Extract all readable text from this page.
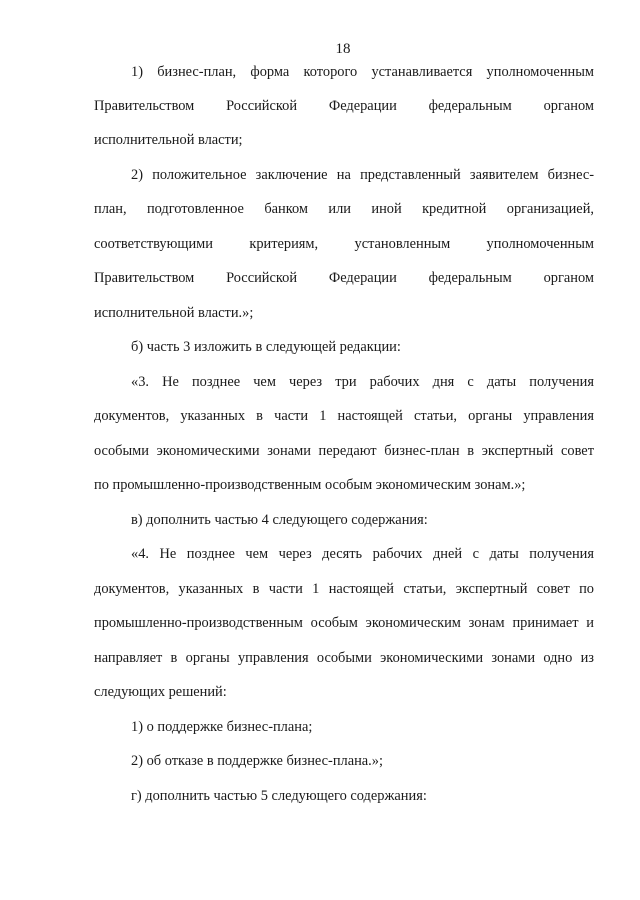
18
1) бизнес-план, форма которого устанавливается уполномоченным
Правительством Российской Федерации федеральным органом
исполнительной власти;
2) положительное заключение на представленный заявителем бизнес-
план, подготовленное банком или иной кредитной организацией,
соответствующими критериям, установленным уполномоченным
Правительством Российской Федерации федеральным органом
исполнительной власти.»;
б) часть 3 изложить в следующей редакции:
«3. Не позднее чем через три рабочих дня с даты получения
документов, указанных в части 1 настоящей статьи, органы управления
особыми экономическими зонами передают бизнес-план в экспертный совет
по промышленно-производственным особым экономическим зонам.»;
в) дополнить частью 4 следующего содержания:
«4. Не позднее чем через десять рабочих дней с даты получения
документов, указанных в части 1 настоящей статьи, экспертный совет по
промышленно-производственным особым экономическим зонам принимает и
направляет в органы управления особыми экономическими зонами одно из
следующих решений:
1) о поддержке бизнес-плана;
2) об отказе в поддержке бизнес-плана.»;
г) дополнить частью 5 следующего содержания:
